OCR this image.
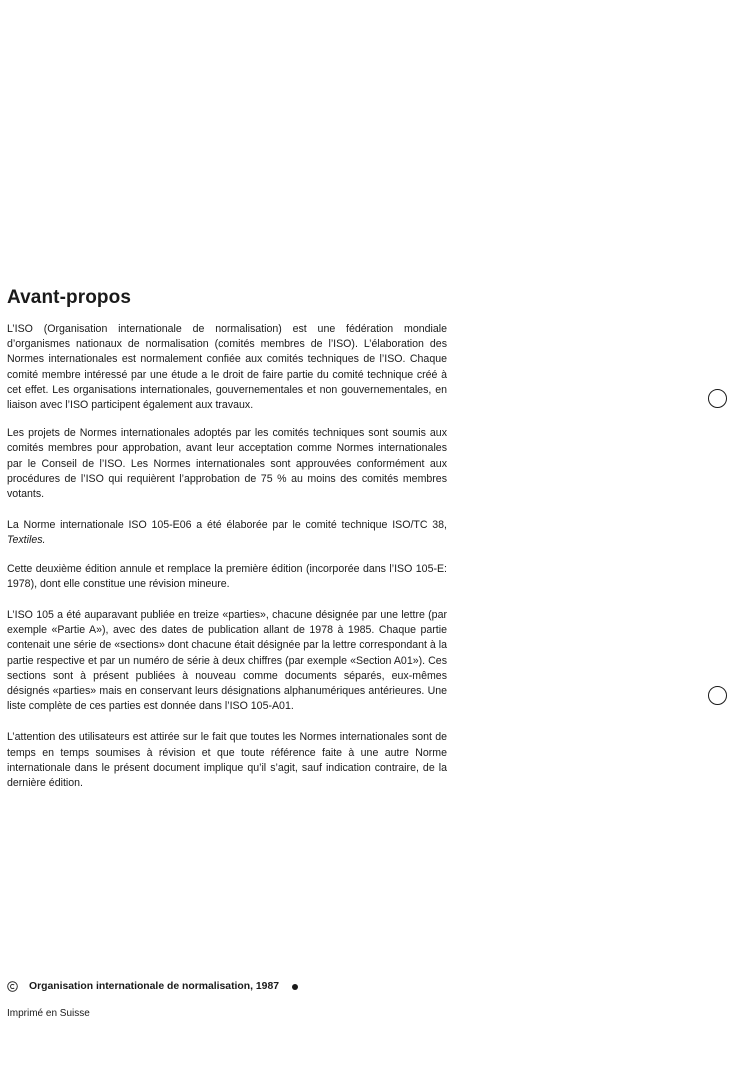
Avant-propos

L’ISO (Organisation internationale de normalisation) est une fédération mondiale d’organismes nationaux de normalisation (comités membres de l’ISO). L’élaboration des Normes internationales est normalement confiée aux comités techniques de l’ISO. Chaque comité membre intéressé par une étude a le droit de faire partie du comité technique créé à cet effet. Les organisations internationales, gouvernementales et non gouvernementales, en liaison avec l’ISO participent également aux travaux.

Les projets de Normes internationales adoptés par les comités techniques sont soumis aux comités membres pour approbation, avant leur acceptation comme Normes internationales par le Conseil de l’ISO. Les Normes internationales sont approuvées conformément aux procédures de l’ISO qui requièrent l’approbation de 75 % au moins des comités membres votants.

La Norme internationale ISO 105-E06 a été élaborée par le comité technique ISO/TC 38, Textiles.

Cette deuxième édition annule et remplace la première édition (incorporée dans l’ISO 105-E: 1978), dont elle constitue une révision mineure.

L’ISO 105 a été auparavant publiée en treize «parties», chacune désignée par une lettre (par exemple «Partie A»), avec des dates de publication allant de 1978 à 1985. Chaque partie contenait une série de «sections» dont chacune était désignée par la lettre correspondant à la partie respective et par un numéro de série à deux chiffres (par exemple «Section A01»). Ces sections sont à présent publiées à nouveau comme documents séparés, eux-mêmes désignés «parties» mais en conservant leurs désignations alphanumériques antérieures. Une liste complète de ces parties est donnée dans l’ISO 105-A01.

L’attention des utilisateurs est attirée sur le fait que toutes les Normes internationales sont de temps en temps soumises à révision et que toute référence faite à une autre Norme internationale dans le présent document implique qu’il s’agit, sauf indication contraire, de la dernière édition.

Organisation internationale de normalisation, 1987
Imprimé en Suisse
